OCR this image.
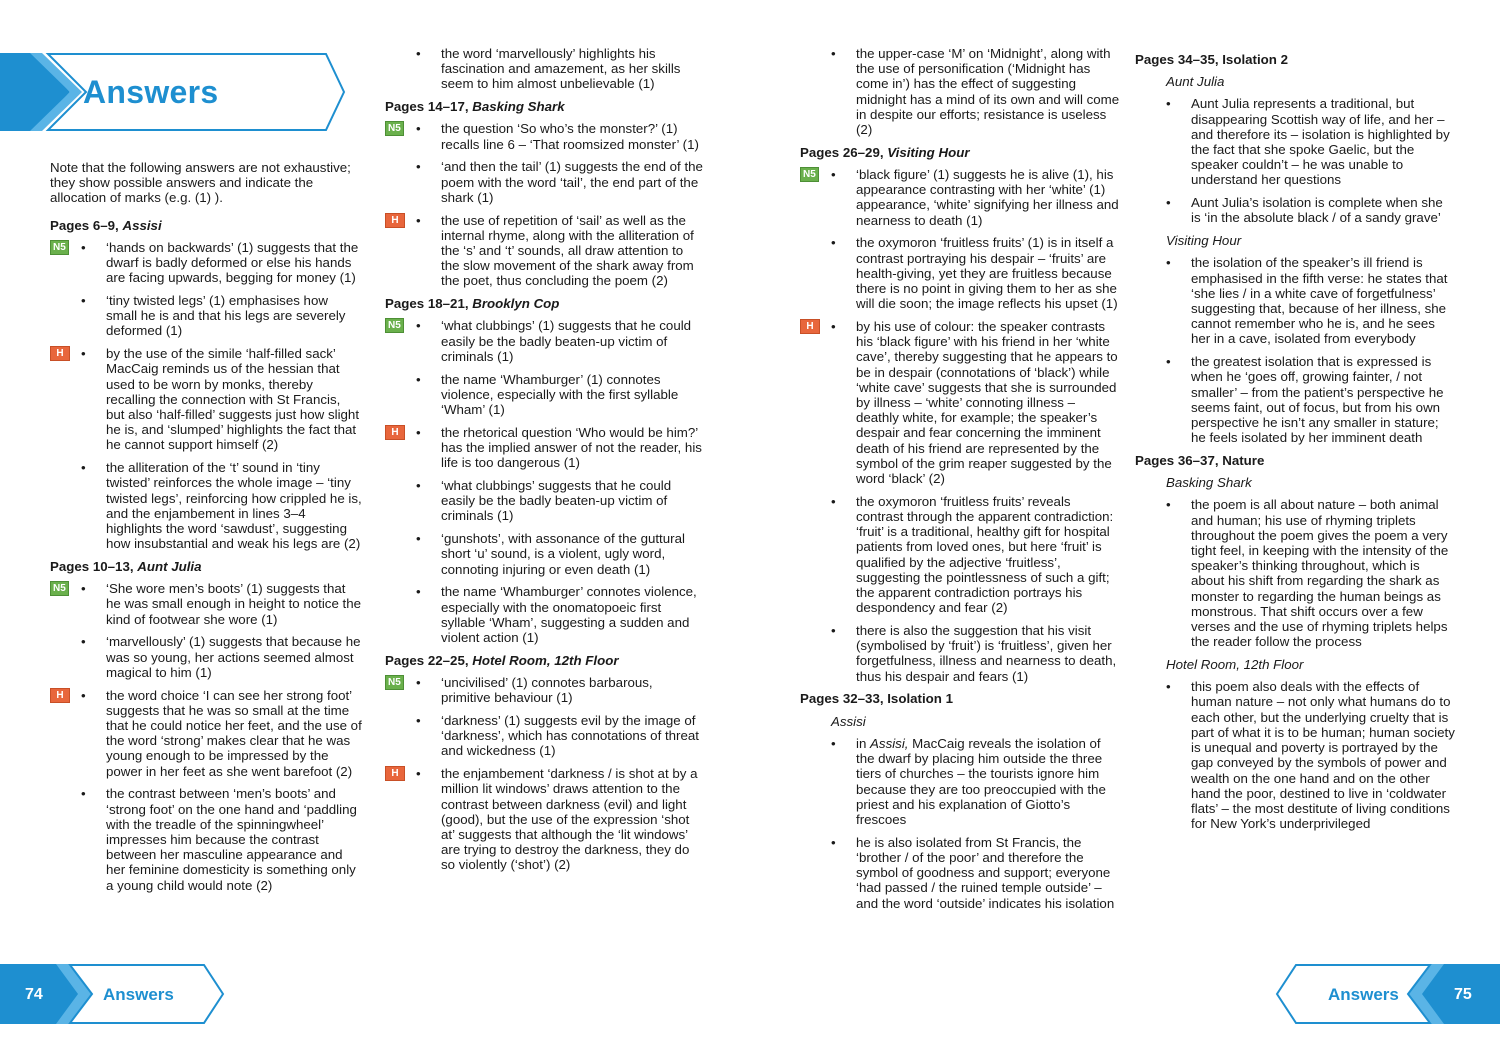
Answers

Note that the following answers are not exhaustive; they show possible answers and indicate the allocation of marks (e.g. (1) ).

Pages 6–9, Assisi
N5 • ‘hands on backwards’ (1) suggests that the dwarf is badly deformed or else his hands are facing upwards, begging for money (1)
• ‘tiny twisted legs’ (1) emphasises how small he is and that his legs are severely deformed (1)
H	• by the use of the simile ‘half-filled sack’ MacCaig reminds us of the hessian that used to be worn by monks, thereby recalling the connection with St Francis, but also ‘half-filled’ suggests just how slight he is, and ‘slumped’ highlights the fact that he cannot support himself (2)
• the alliteration of the ‘t’ sound in ‘tiny twisted’ reinforces the whole image – ‘tiny twisted legs’, reinforcing how crippled he is, and the enjambement in lines 3–4 highlights the word ‘sawdust’, suggesting how insubstantial and weak his legs are (2)
Pages 10–13, Aunt Julia
N5 • ‘She wore men’s boots’ (1) suggests that he was small enough in height to notice the kind of footwear she wore (1)
• ‘marvellously’ (1) suggests that because he was so young, her actions seemed almost magical to him (1)
H	• the word choice ‘I can see her strong foot’ suggests that he was so small at the time that he could notice her feet, and the use of the word ‘strong’ makes clear that he was young enough to be impressed by the power in her feet as she went barefoot (2)
• the contrast between ‘men’s boots’ and ‘strong foot’ on the one hand and ‘paddling with the treadle of the spinningwheel’ impresses him because the contrast between her masculine appearance and her feminine domesticity is something only a young child would note (2)
• the word ‘marvellously’ highlights his fascination and amazement, as her skills seem to him almost unbelievable (1)
Pages 14–17, Basking Shark
N5 • the question ‘So who’s the monster?’ (1) recalls line 6 – ‘That roomsized monster’ (1)
• ‘and then the tail’ (1) suggests the end of the poem with the word ‘tail’, the end part of the shark (1)
H	• the use of repetition of ‘sail’ as well as the internal rhyme, along with the alliteration of the ‘s’ and ‘t’ sounds, all draw attention to the slow movement of the shark away from the poet, thus concluding the poem (2)
Pages 18–21, Brooklyn Cop
N5 • ‘what clubbings’ (1) suggests that he could easily be the badly beaten-up victim of criminals (1)
• the name ‘Whamburger’ (1) connotes violence, especially with the first syllable ‘Wham’ (1)
H	• the rhetorical question ‘Who would be him?’ has the implied answer of not the reader, his life is too dangerous (1)
• ‘what clubbings’ suggests that he could easily be the badly beaten-up victim of criminals (1)
• ‘gunshots’, with assonance of the guttural short ‘u’ sound, is a violent, ugly word, connoting injuring or even death (1)
• the name ‘Whamburger’ connotes violence, especially with the onomatopoeic first syllable ‘Wham’, suggesting a sudden and violent action (1)
Pages 22–25, Hotel Room, 12th Floor
N5 • ‘uncivilised’ (1) connotes barbarous, primitive behaviour (1)
• ‘darkness’ (1) suggests evil by the image of ‘darkness’, which has connotations of threat and wickedness (1)
H	• the enjambement ‘darkness / is shot at by a million lit windows’ draws attention to the contrast between darkness (evil) and light (good), but the use of the expression ‘shot at’ suggests that although the ‘lit windows’ are trying to destroy the darkness, they do so violently (‘shot’) (2)
• the upper-case ‘M’ on ‘Midnight’, along with the use of personification (‘Midnight has come in’) has the effect of suggesting midnight has a mind of its own and will come in despite our efforts; resistance is useless (2)
Pages 26–29, Visiting Hour
N5 • ‘black figure’ (1) suggests he is alive (1), his appearance contrasting with her ‘white’ (1) appearance, ‘white’ signifying her illness and nearness to death (1)
• the oxymoron ‘fruitless fruits’ (1) is in itself a contrast portraying his despair – ‘fruits’ are health-giving, yet they are fruitless because there is no point in giving them to her as she will die soon; the image reflects his upset (1)
H	• by his use of colour: the speaker contrasts his ‘black figure’ with his friend in her ‘white cave’, thereby suggesting that he appears to be in despair (connotations of ‘black’) while ‘white cave’ suggests that she is surrounded by illness – ‘white’ connoting illness – deathly white, for example; the speaker’s despair and fear concerning the imminent death of his friend are represented by the symbol of the grim reaper suggested by the word ‘black’ (2)
• the oxymoron ‘fruitless fruits’ reveals contrast through the apparent contradiction: ‘fruit’ is a traditional, healthy gift for hospital patients from loved ones, but here ‘fruit’ is qualified by the adjective ‘fruitless’, suggesting the pointlessness of such a gift; the apparent contradiction portrays his despondency and fear (2)
• there is also the suggestion that his visit (symbolised by ‘fruit’) is ‘fruitless’, given her forgetfulness, illness and nearness to death, thus his despair and fears (1)
Pages 32–33, Isolation 1
Assisi
• in Assisi, MacCaig reveals the isolation of the dwarf by placing him outside the three tiers of churches – the tourists ignore him because they are too preoccupied with the priest and his explanation of Giotto’s frescoes
• he is also isolated from St Francis, the ‘brother / of the poor’ and therefore the symbol of goodness and support; everyone ‘had passed / the ruined temple outside’ – and the word ‘outside’ indicates his isolation
Pages 34–35, Isolation 2
Aunt Julia
• Aunt Julia represents a traditional, but disappearing Scottish way of life, and her – and therefore its – isolation is highlighted by the fact that she spoke Gaelic, but the speaker couldn’t – he was unable to understand her questions
• Aunt Julia’s isolation is complete when she is ‘in the absolute black / of a sandy grave’
Visiting Hour
• the isolation of the speaker’s ill friend is emphasised in the fifth verse: he states that ‘she lies / in a white cave of forgetfulness’ suggesting that, because of her illness, she cannot remember who he is, and he sees her in a cave, isolated from everybody
• the greatest isolation that is expressed is when he ‘goes off, growing fainter, / not smaller’ – from the patient’s perspective he seems faint, out of focus, but from his own perspective he isn’t any smaller in stature; he feels isolated by her imminent death
Pages 36–37, Nature
Basking Shark
• the poem is all about nature – both animal and human; his use of rhyming triplets throughout the poem gives the poem a very tight feel, in keeping with the intensity of the speaker’s thinking throughout, which is about his shift from regarding the shark as monster to regarding the human beings as monstrous. That shift occurs over a few verses and the use of rhyming triplets helps the reader follow the process
Hotel Room, 12th Floor
• this poem also deals with the effects of human nature – not only what humans do to each other, but the underlying cruelty that is part of what it is to be human; human society is unequal and poverty is portrayed by the gap conveyed by the symbols of power and wealth on the one hand and on the other hand the poor, destined to live in ‘coldwater flats’ – the most destitute of living conditions for New York’s underprivileged
74	Answers	Answers	75
